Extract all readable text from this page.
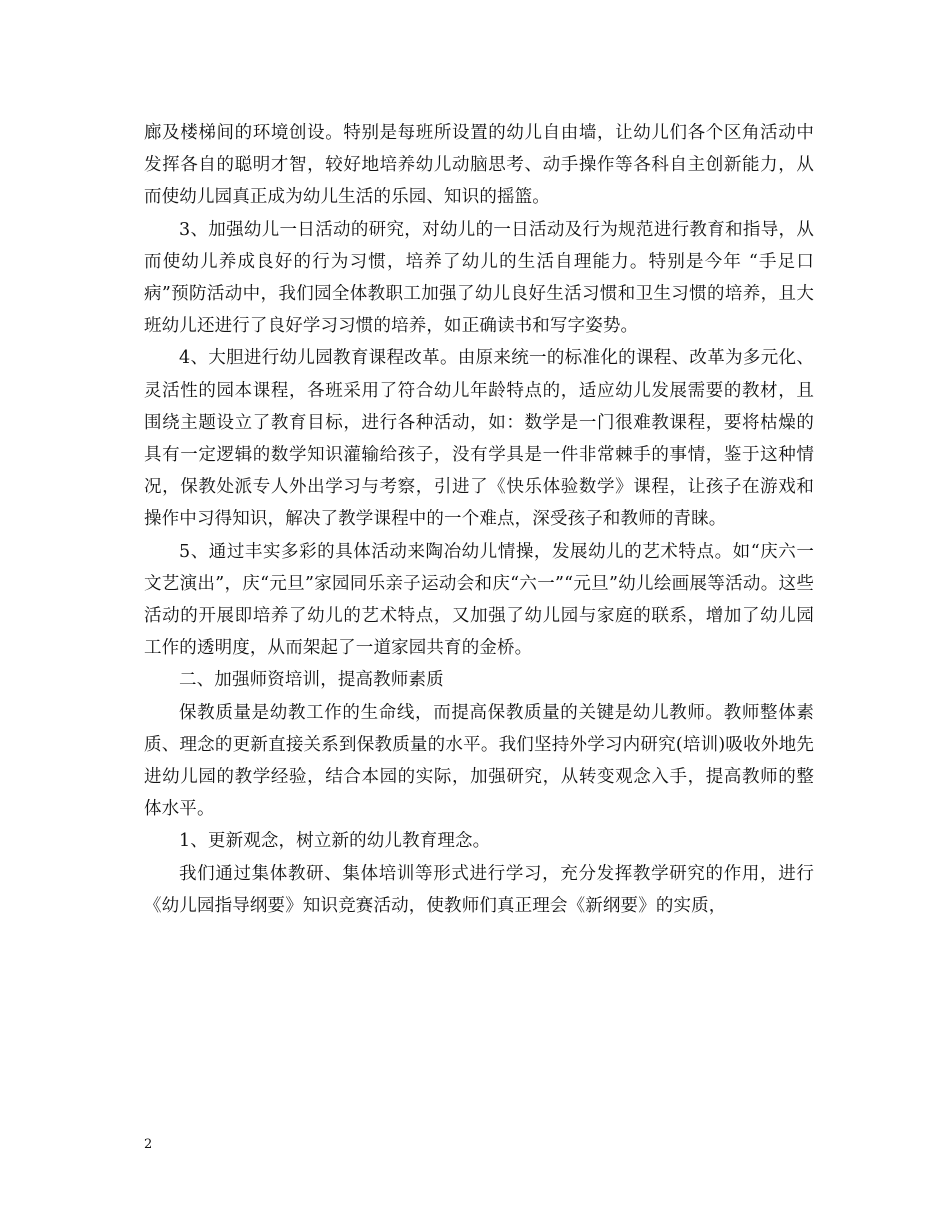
廊及楼梯间的环境创设。特别是每班所设置的幼儿自由墙，让幼儿们各个区角活动中发挥各自的聪明才智，较好地培养幼儿动脑思考、动手操作等各科自主创新能力，从而使幼儿园真正成为幼儿生活的乐园、知识的摇篮。

3、加强幼儿一日活动的研究，对幼儿的一日活动及行为规范进行教育和指导，从而使幼儿养成良好的行为习惯，培养了幼儿的生活自理能力。特别是今年 “手足口病”预防活动中，我们园全体教职工加强了幼儿良好生活习惯和卫生习惯的培养，且大班幼儿还进行了良好学习习惯的培养，如正确读书和写字姿势。

4、大胆进行幼儿园教育课程改革。由原来统一的标准化的课程、改革为多元化、灵活性的园本课程，各班采用了符合幼儿年龄特点的，适应幼儿发展需要的教材，且围绕主题设立了教育目标，进行各种活动，如：数学是一门很难教课程，要将枯燥的具有一定逻辑的数学知识灌输给孩子，没有学具是一件非常棘手的事情，鉴于这种情况，保教处派专人外出学习与考察，引进了《快乐体验数学》课程，让孩子在游戏和操作中习得知识，解决了教学课程中的一个难点，深受孩子和教师的青睐。

5、通过丰实多彩的具体活动来陶冶幼儿情操，发展幼儿的艺术特点。如“庆六一文艺演出”，庆“元旦”家园同乐亲子运动会和庆“六一”“元旦”幼儿绘画展等活动。这些活动的开展即培养了幼儿的艺术特点，又加强了幼儿园与家庭的联系，增加了幼儿园工作的透明度，从而架起了一道家园共育的金桥。

二、加强师资培训，提高教师素质

保教质量是幼教工作的生命线，而提高保教质量的关键是幼儿教师。教师整体素质、理念的更新直接关系到保教质量的水平。我们坚持外学习内研究(培训)吸收外地先进幼儿园的教学经验，结合本园的实际，加强研究，从转变观念入手，提高教师的整体水平。

1、更新观念，树立新的幼儿教育理念。

我们通过集体教研、集体培训等形式进行学习，充分发挥教学研究的作用，进行《幼儿园指导纲要》知识竞赛活动，使教师们真正理会《新纲要》的实质，

2
